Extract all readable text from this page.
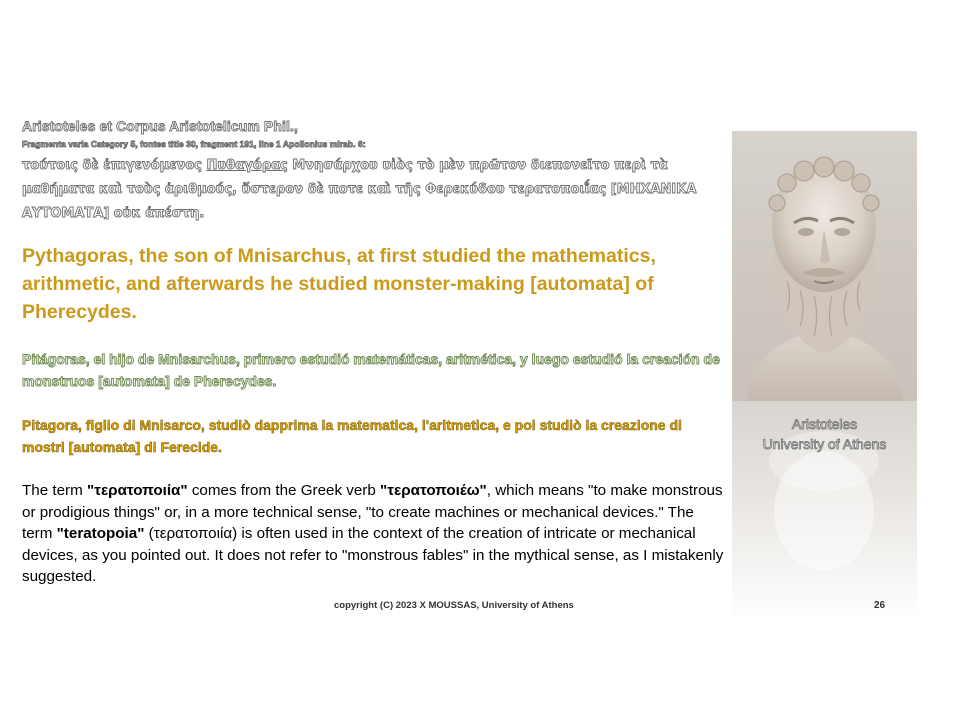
Aristoteles et Corpus Aristotelicum Phil.,
Fragmenta varia Category 5, fontes title 30, fragment 191, line 1 Apollonius mirab. 6:
τούτοις δὲ ἐπιγενόμενος Πυθαγόρας Μνησάρχου υἱὸς τὸ μὲν πρῶτον διεπονεῖτο περὶ τὰ μαθήματα καὶ τοὺς ἀριθμούς, ὕστερον δὲ ποτε καὶ τῆς Φερεκύδου τερατοποιΐας [ΜΗΧΑΝΙΚΑ ΑΥΤΟΜΑΤΑ] οὐκ ἀπέστη.
Pythagoras, the son of Mnisarchus, at first studied the mathematics, arithmetic, and afterwards he studied monster-making [automata] of Pherecydes.
Pitágoras, el hijo de Mnisarchus, primero estudió matemáticas, aritmética, y luego estudió la creación de monstruos [automata] de Pherecydes.
Pitagora, figlio di Mnisarco, studiò dapprima la matematica, l'aritmetica, e poi studiò la creazione di mostri [automata] di Ferecide.
The term "τερατοποιία" comes from the Greek verb "τερατοποιέω", which means "to make monstrous or prodigious things" or, in a more technical sense, "to create machines or mechanical devices." The term "teratopoia" (τερατοποιία) is often used in the context of the creation of intricate or mechanical devices, as you pointed out. It does not refer to "monstrous fables" in the mythical sense, as I mistakenly suggested.
Aristoteles
University of Athens
copyright (C) 2023 X MOUSSAS, University of Athens	26
